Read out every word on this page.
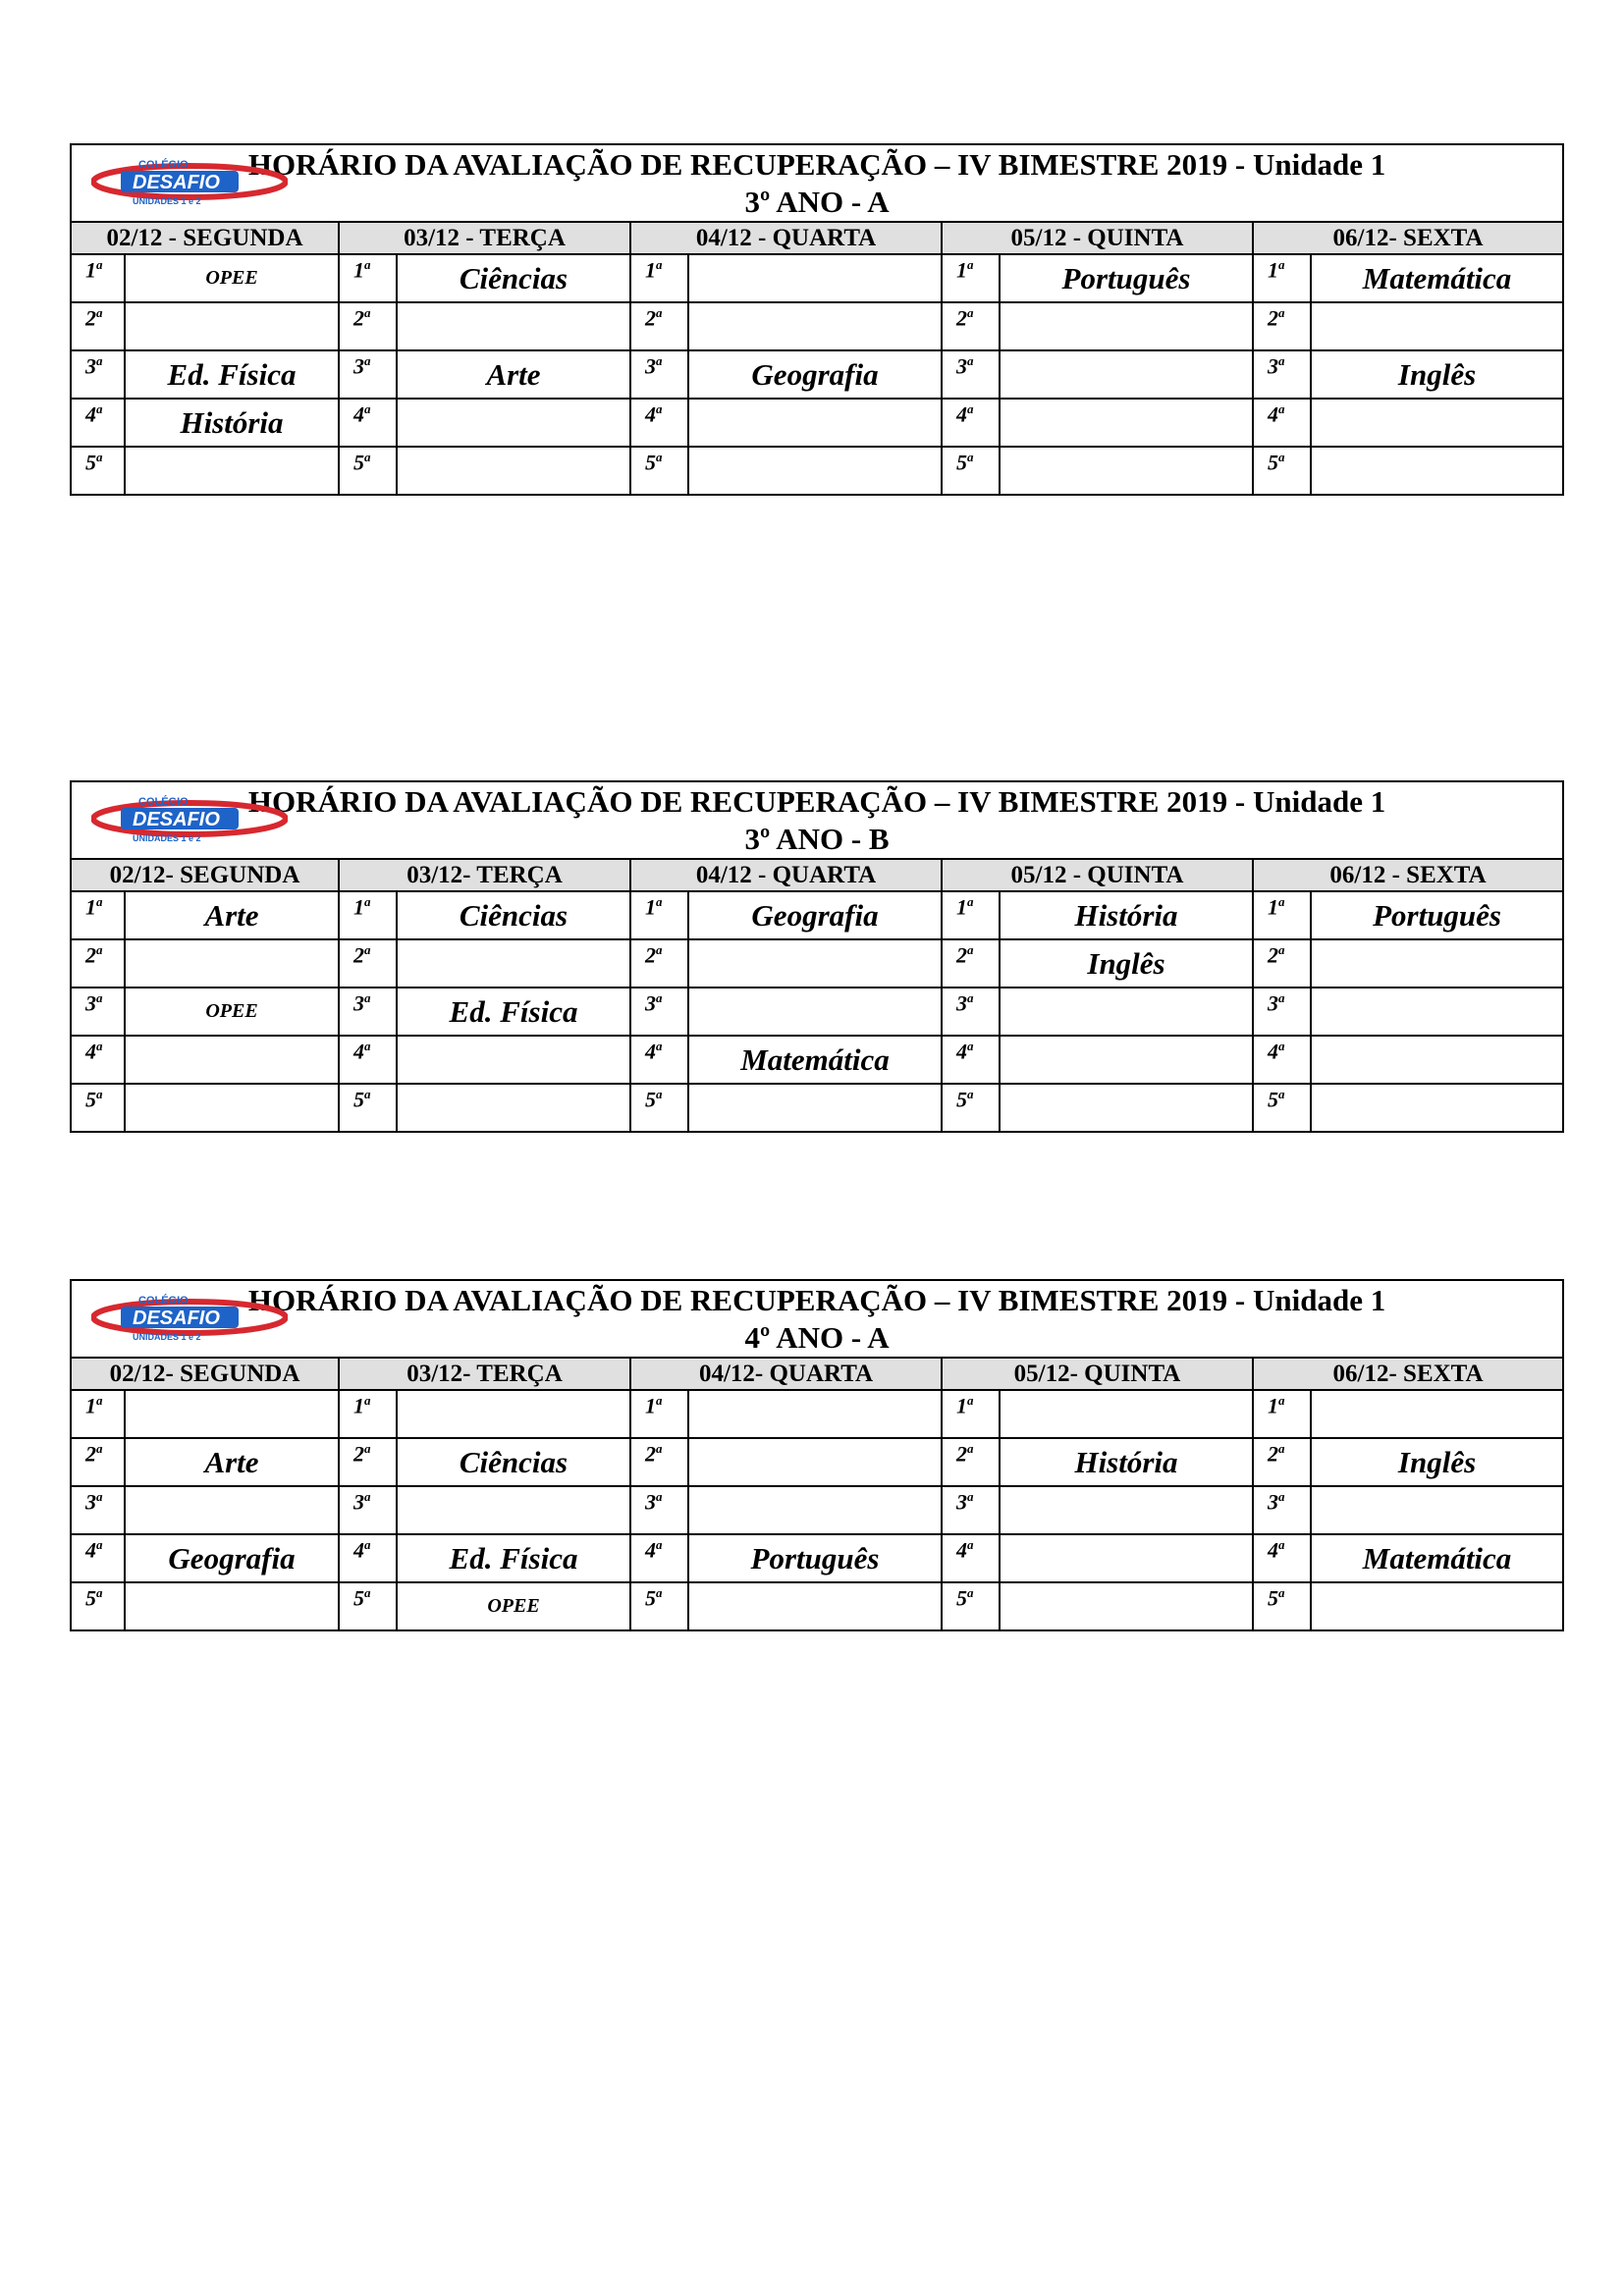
COLÉGIO
DESAFIO
UNIDADES 1 e 2
HORÁRIO DA AVALIAÇÃO DE RECUPERAÇÃO – IV BIMESTRE 2019 - Unidade 1
3º ANO - A									

02/12 - SEGUNDA		03/12 - TERÇA		04/12 - QUARTA		05/12 - QUINTA		06/12- SEXTA	
1$^a$	OPEE	1$^a$	Ciências	1$^a$		1$^a$	Português	1$^a$	Matemática
2$^a$		2$^a$		2$^a$		2$^a$		2$^a$	
3$^a$	Ed. Física	3$^a$	Arte	3$^a$	Geografia	3$^a$		3$^a$	Inglês
4$^a$	História	4$^a$		4$^a$		4$^a$		4$^a$	
5$^a$		5$^a$		5$^a$		5$^a$		5$^a$	
COLÉGIO
DESAFIO
UNIDADES 1 e 2
HORÁRIO DA AVALIAÇÃO DE RECUPERAÇÃO – IV BIMESTRE 2019 - Unidade 1
3º ANO - B									

02/12- SEGUNDA		03/12- TERÇA		04/12 - QUARTA		05/12 - QUINTA		06/12 - SEXTA	
1$^a$	Arte	1$^a$	Ciências	1$^a$	Geografia	1$^a$	História	1$^a$	Português
2$^a$		2$^a$		2$^a$		2$^a$	Inglês	2$^a$	
3$^a$	OPEE	3$^a$	Ed. Física	3$^a$		3$^a$		3$^a$	
4$^a$		4$^a$		4$^a$	Matemática	4$^a$		4$^a$	
5$^a$		5$^a$		5$^a$		5$^a$		5$^a$	
COLÉGIO
DESAFIO
UNIDADES 1 e 2
HORÁRIO DA AVALIAÇÃO DE RECUPERAÇÃO – IV BIMESTRE 2019 - Unidade 1
4º ANO - A									

02/12- SEGUNDA		03/12- TERÇA		04/12- QUARTA		05/12- QUINTA		06/12- SEXTA	
1$^a$		1$^a$		1$^a$		1$^a$		1$^a$	
2$^a$	Arte	2$^a$	Ciências	2$^a$		2$^a$	História	2$^a$	Inglês
3$^a$		3$^a$		3$^a$		3$^a$		3$^a$	
4$^a$	Geografia	4$^a$	Ed. Física	4$^a$	Português	4$^a$		4$^a$	Matemática
5$^a$		5$^a$	OPEE	5$^a$		5$^a$		5$^a$	
